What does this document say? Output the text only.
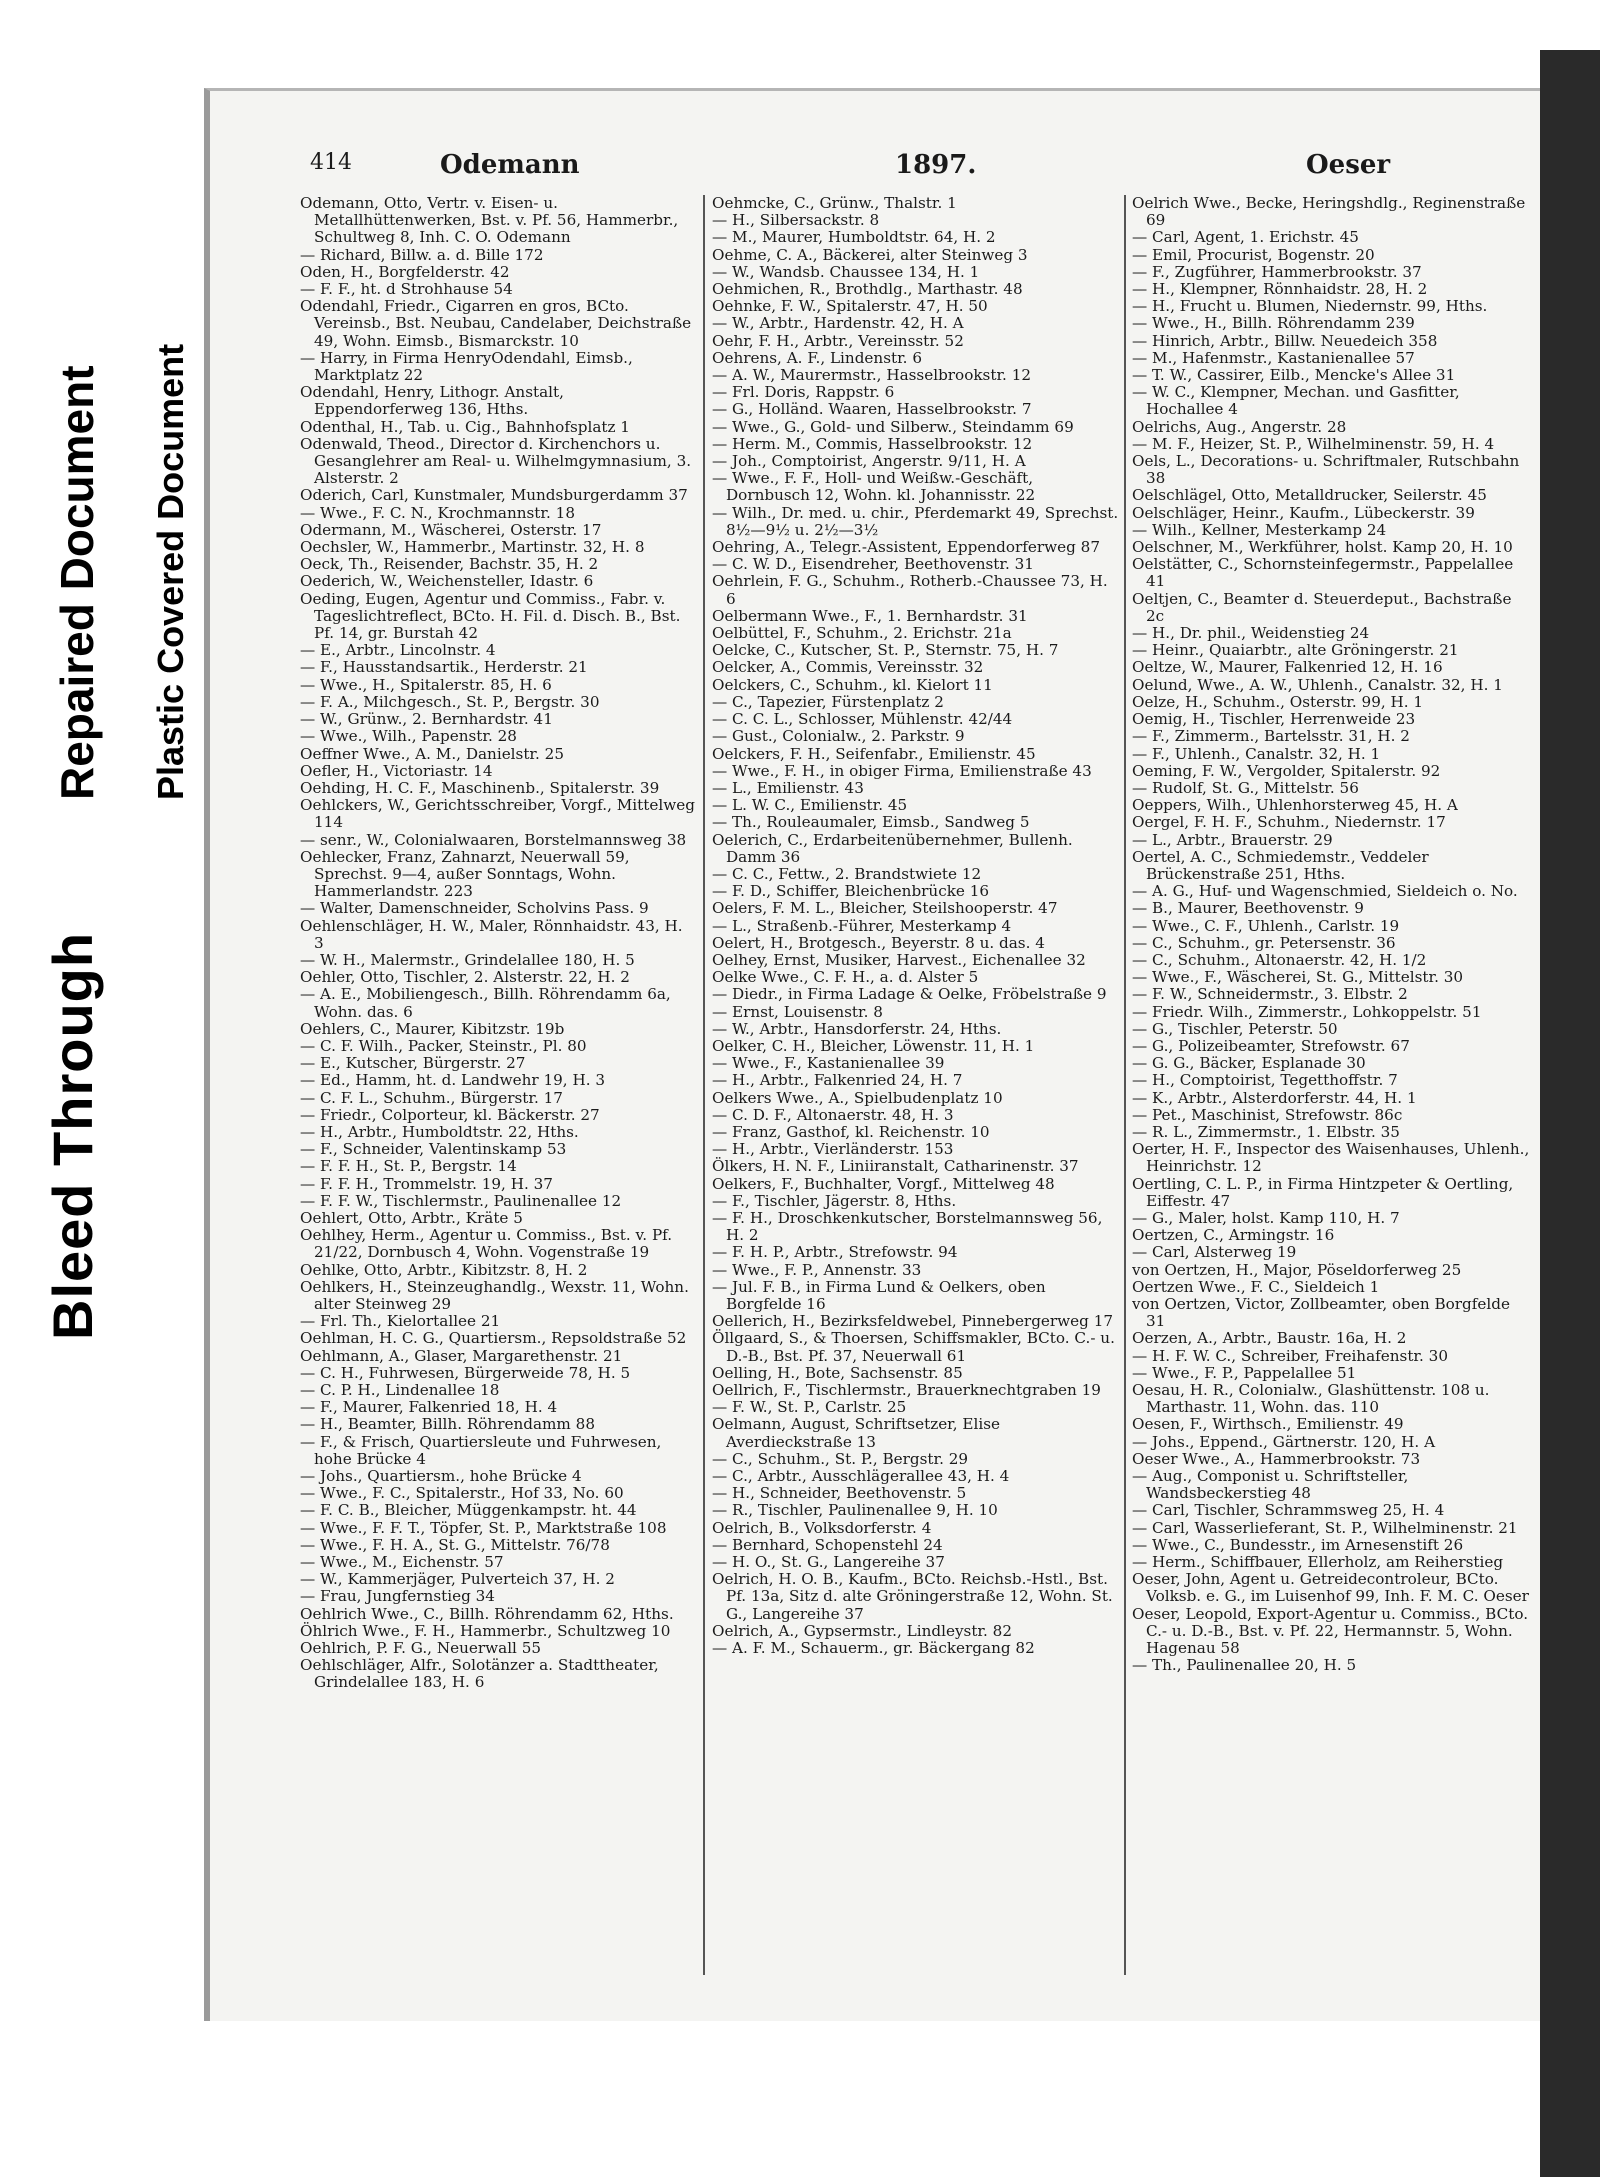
Bleed Through
Repaired Document Plastic Covered Document
414	Odemann	1897.	Oeser

Odemann, Otto, Vertr. v. Eisen- u. Metallhüttenwerken, Bst. v. Pf. 56, Hammerbr., Schultweg 8, Inh. C. O. Odemann

— Richard, Billw. a. d. Bille 172

Oden, H., Borgfelderstr. 42

— F. F., ht. d Strohhause 54

Odendahl, Friedr., Cigarren en gros, BCto. Vereinsb., Bst. Neubau, Candelaber, Deichstraße 49, Wohn. Eimsb., Bismarckstr. 10

— Harry, in Firma HenryOdendahl, Eimsb., Marktplatz 22

Odendahl, Henry, Lithogr. Anstalt, Eppendorferweg 136, Hths.

Odenthal, H., Tab. u. Cig., Bahnhofsplatz 1

Odenwald, Theod., Director d. Kirchenchors u. Gesanglehrer am Real- u. Wilhelmgymnasium, 3. Alsterstr. 2

Oderich, Carl, Kunstmaler, Mundsburgerdamm 37

— Wwe., F. C. N., Krochmannstr. 18

Odermann, M., Wäscherei, Osterstr. 17

Oechsler, W., Hammerbr., Martinstr. 32, H. 8

Oeck, Th., Reisender, Bachstr. 35, H. 2

Oederich, W., Weichensteller, Idastr. 6

Oeding, Eugen, Agentur und Commiss., Fabr. v. Tageslichtreflect, BCto. H. Fil. d. Disch. B., Bst. Pf. 14, gr. Burstah 42

— E., Arbtr., Lincolnstr. 4

— F., Hausstandsartik., Herderstr. 21

— Wwe., H., Spitalerstr. 85, H. 6

— F. A., Milchgesch., St. P., Bergstr. 30

— W., Grünw., 2. Bernhardstr. 41

— Wwe., Wilh., Papenstr. 28

Oeffner Wwe., A. M., Danielstr. 25

Oefler, H., Victoriastr. 14

Oehding, H. C. F., Maschinenb., Spitalerstr. 39

Oehlckers, W., Gerichtsschreiber, Vorgf., Mittelweg 114

— senr., W., Colonialwaaren, Borstelmannsweg 38

Oehlecker, Franz, Zahnarzt, Neuerwall 59, Sprechst. 9—4, außer Sonntags, Wohn. Hammerlandstr. 223

— Walter, Damenschneider, Scholvins Pass. 9

Oehlenschläger, H. W., Maler, Rönnhaidstr. 43, H. 3

— W. H., Malermstr., Grindelallee 180, H. 5

Oehler, Otto, Tischler, 2. Alsterstr. 22, H. 2

— A. E., Mobiliengesch., Billh. Röhrendamm 6a, Wohn. das. 6

Oehlers, C., Maurer, Kibitzstr. 19b

— C. F. Wilh., Packer, Steinstr., Pl. 80

— E., Kutscher, Bürgerstr. 27

— Ed., Hamm, ht. d. Landwehr 19, H. 3

— C. F. L., Schuhm., Bürgerstr. 17

— Friedr., Colporteur, kl. Bäckerstr. 27

— H., Arbtr., Humboldtstr. 22, Hths.

— F., Schneider, Valentinskamp 53

— F. F. H., St. P., Bergstr. 14

— F. F. H., Trommelstr. 19, H. 37

— F. F. W., Tischlermstr., Paulinenallee 12

Oehlert, Otto, Arbtr., Kräte 5

Oehlhey, Herm., Agentur u. Commiss., Bst. v. Pf. 21/22, Dornbusch 4, Wohn. Vogenstraße 19

Oehlke, Otto, Arbtr., Kibitzstr. 8, H. 2

Oehlkers, H., Steinzeughandlg., Wexstr. 11, Wohn. alter Steinweg 29

— Frl. Th., Kielortallee 21

Oehlman, H. C. G., Quartiersm., Repsoldstraße 52

Oehlmann, A., Glaser, Margarethenstr. 21

— C. H., Fuhrwesen, Bürgerweide 78, H. 5

— C. P. H., Lindenallee 18

— F., Maurer, Falkenried 18, H. 4

— H., Beamter, Billh. Röhrendamm 88

— F., & Frisch, Quartiersleute und Fuhrwesen, hohe Brücke 4

— Johs., Quartiersm., hohe Brücke 4

— Wwe., F. C., Spitalerstr., Hof 33, No. 60

— F. C. B., Bleicher, Müggenkampstr. ht. 44

— Wwe., F. F. T., Töpfer, St. P., Marktstraße 108

— Wwe., F. H. A., St. G., Mittelstr. 76/78

— Wwe., M., Eichenstr. 57

— W., Kammerjäger, Pulverteich 37, H. 2

— Frau, Jungfernstieg 34

Oehlrich Wwe., C., Billh. Röhrendamm 62, Hths.

Öhlrich Wwe., F. H., Hammerbr., Schultzweg 10

Oehlrich, P. F. G., Neuerwall 55

Oehlschläger, Alfr., Solotänzer a. Stadttheater, Grindelallee 183, H. 6

Oehmcke, C., Grünw., Thalstr. 1

— H., Silbersackstr. 8

— M., Maurer, Humboldtstr. 64, H. 2

Oehme, C. A., Bäckerei, alter Steinweg 3

— W., Wandsb. Chaussee 134, H. 1

Oehmichen, R., Brothdlg., Marthastr. 48

Oehnke, F. W., Spitalerstr. 47, H. 50

— W., Arbtr., Hardenstr. 42, H. A

Oehr, F. H., Arbtr., Vereinsstr. 52

Oehrens, A. F., Lindenstr. 6

— A. W., Maurermstr., Hasselbrookstr. 12

— Frl. Doris, Rappstr. 6

— G., Holländ. Waaren, Hasselbrookstr. 7

— Wwe., G., Gold- und Silberw., Steindamm 69

— Herm. M., Commis, Hasselbrookstr. 12

— Joh., Comptoirist, Angerstr. 9/11, H. A

— Wwe., F. F., Holl- und Weißw.-Geschäft, Dornbusch 12, Wohn. kl. Johannisstr. 22

— Wilh., Dr. med. u. chir., Pferdemarkt 49, Sprechst. 8½—9½ u. 2½—3½

Oehring, A., Telegr.-Assistent, Eppendorferweg 87

— C. W. D., Eisendreher, Beethovenstr. 31

Oehrlein, F. G., Schuhm., Rotherb.-Chaussee 73, H. 6

Oelbermann Wwe., F., 1. Bernhardstr. 31

Oelbüttel, F., Schuhm., 2. Erichstr. 21a

Oelcke, C., Kutscher, St. P., Sternstr. 75, H. 7

Oelcker, A., Commis, Vereinsstr. 32

Oelckers, C., Schuhm., kl. Kielort 11

— C., Tapezier, Fürstenplatz 2

— C. C. L., Schlosser, Mühlenstr. 42/44

— Gust., Colonialw., 2. Parkstr. 9

Oelckers, F. H., Seifenfabr., Emilienstr. 45

— Wwe., F. H., in obiger Firma, Emilienstraße 43

— L., Emilienstr. 43

— L. W. C., Emilienstr. 45

— Th., Rouleaumaler, Eimsb., Sandweg 5

Oelerich, C., Erdarbeitenübernehmer, Bullenh. Damm 36

— C. C., Fettw., 2. Brandstwiete 12

— F. D., Schiffer, Bleichenbrücke 16

Oelers, F. M. L., Bleicher, Steilshooperstr. 47

— L., Straßenb.-Führer, Mesterkamp 4

Oelert, H., Brotgesch., Beyerstr. 8 u. das. 4

Oelhey, Ernst, Musiker, Harvest., Eichenallee 32

Oelke Wwe., C. F. H., a. d. Alster 5

— Diedr., in Firma Ladage & Oelke, Fröbelstraße 9

— Ernst, Louisenstr. 8

— W., Arbtr., Hansdorferstr. 24, Hths.

Oelker, C. H., Bleicher, Löwenstr. 11, H. 1

— Wwe., F., Kastanienallee 39

— H., Arbtr., Falkenried 24, H. 7

Oelkers Wwe., A., Spielbudenplatz 10

— C. D. F., Altonaerstr. 48, H. 3

— Franz, Gasthof, kl. Reichenstr. 10

— H., Arbtr., Vierländerstr. 153

Ölkers, H. N. F., Liniiranstalt, Catharinenstr. 37

Oelkers, F., Buchhalter, Vorgf., Mittelweg 48

— F., Tischler, Jägerstr. 8, Hths.

— F. H., Droschkenkutscher, Borstelmannsweg 56, H. 2

— F. H. P., Arbtr., Strefowstr. 94

— Wwe., F. P., Annenstr. 33

— Jul. F. B., in Firma Lund & Oelkers, oben Borgfelde 16

Oellerich, H., Bezirksfeldwebel, Pinnebergerweg 17

Öllgaard, S., & Thoersen, Schiffsmakler, BCto. C.- u. D.-B., Bst. Pf. 37, Neuerwall 61

Oelling, H., Bote, Sachsenstr. 85

Oellrich, F., Tischlermstr., Brauerknechtgraben 19

— F. W., St. P., Carlstr. 25

Oelmann, August, Schriftsetzer, Elise Averdieckstraße 13

— C., Schuhm., St. P., Bergstr. 29

— C., Arbtr., Ausschlägerallee 43, H. 4

— H., Schneider, Beethovenstr. 5

— R., Tischler, Paulinenallee 9, H. 10

Oelrich, B., Volksdorferstr. 4

— Bernhard, Schopenstehl 24

— H. O., St. G., Langereihe 37

Oelrich, H. O. B., Kaufm., BCto. Reichsb.-Hstl., Bst. Pf. 13a, Sitz d. alte Gröningerstraße 12, Wohn. St. G., Langereihe 37

Oelrich, A., Gypsermstr., Lindleystr. 82

— A. F. M., Schauerm., gr. Bäckergang 82

Oelrich Wwe., Becke, Heringshdlg., Reginenstraße 69

— Carl, Agent, 1. Erichstr. 45

— Emil, Procurist, Bogenstr. 20

— F., Zugführer, Hammerbrookstr. 37

— H., Klempner, Rönnhaidstr. 28, H. 2

— H., Frucht u. Blumen, Niedernstr. 99, Hths.

— Wwe., H., Billh. Röhrendamm 239

— Hinrich, Arbtr., Billw. Neuedeich 358

— M., Hafenmstr., Kastanienallee 57

— T. W., Cassirer, Eilb., Mencke's Allee 31

— W. C., Klempner, Mechan. und Gasfitter, Hochallee 4

Oelrichs, Aug., Angerstr. 28

— M. F., Heizer, St. P., Wilhelminenstr. 59, H. 4

Oels, L., Decorations- u. Schriftmaler, Rutschbahn 38

Oelschlägel, Otto, Metalldrucker, Seilerstr. 45

Oelschläger, Heinr., Kaufm., Lübeckerstr. 39

— Wilh., Kellner, Mesterkamp 24

Oelschner, M., Werkführer, holst. Kamp 20, H. 10

Oelstätter, C., Schornsteinfegermstr., Pappelallee 41

Oeltjen, C., Beamter d. Steuerdeput., Bachstraße 2c

— H., Dr. phil., Weidenstieg 24

— Heinr., Quaiarbtr., alte Gröningerstr. 21

Oeltze, W., Maurer, Falkenried 12, H. 16

Oelund, Wwe., A. W., Uhlenh., Canalstr. 32, H. 1

Oelze, H., Schuhm., Osterstr. 99, H. 1

Oemig, H., Tischler, Herrenweide 23

— F., Zimmerm., Bartelsstr. 31, H. 2

— F., Uhlenh., Canalstr. 32, H. 1

Oeming, F. W., Vergolder, Spitalerstr. 92

— Rudolf, St. G., Mittelstr. 56

Oeppers, Wilh., Uhlenhorsterweg 45, H. A

Oergel, F. H. F., Schuhm., Niedernstr. 17

— L., Arbtr., Brauerstr. 29

Oertel, A. C., Schmiedemstr., Veddeler Brückenstraße 251, Hths.

— A. G., Huf- und Wagenschmied, Sieldeich o. No.

— B., Maurer, Beethovenstr. 9

— Wwe., C. F., Uhlenh., Carlstr. 19

— C., Schuhm., gr. Petersenstr. 36

— C., Schuhm., Altonaerstr. 42, H. 1/2

— Wwe., F., Wäscherei, St. G., Mittelstr. 30

— F. W., Schneidermstr., 3. Elbstr. 2

— Friedr. Wilh., Zimmerstr., Lohkoppelstr. 51

— G., Tischler, Peterstr. 50

— G., Polizeibeamter, Strefowstr. 67

— G. G., Bäcker, Esplanade 30

— H., Comptoirist, Tegetthoffstr. 7

— K., Arbtr., Alsterdorferstr. 44, H. 1

— Pet., Maschinist, Strefowstr. 86c

— R. L., Zimmermstr., 1. Elbstr. 35

Oerter, H. F., Inspector des Waisenhauses, Uhlenh., Heinrichstr. 12

Oertling, C. L. P., in Firma Hintzpeter & Oertling, Eiffestr. 47

— G., Maler, holst. Kamp 110, H. 7

Oertzen, C., Armingstr. 16

— Carl, Alsterweg 19

von Oertzen, H., Major, Pöseldorferweg 25

Oertzen Wwe., F. C., Sieldeich 1

von Oertzen, Victor, Zollbeamter, oben Borgfelde 31

Oerzen, A., Arbtr., Baustr. 16a, H. 2

— H. F. W. C., Schreiber, Freihafenstr. 30

— Wwe., F. P., Pappelallee 51

Oesau, H. R., Colonialw., Glashüttenstr. 108 u. Marthastr. 11, Wohn. das. 110

Oesen, F., Wirthsch., Emilienstr. 49

— Johs., Eppend., Gärtnerstr. 120, H. A

Oeser Wwe., A., Hammerbrookstr. 73

— Aug., Componist u. Schriftsteller, Wandsbeckerstieg 48

— Carl, Tischler, Schrammsweg 25, H. 4

— Carl, Wasserlieferant, St. P., Wilhelminenstr. 21

— Wwe., C., Bundesstr., im Arnesenstift 26

— Herm., Schiffbauer, Ellerholz, am Reiherstieg

Oeser, John, Agent u. Getreidecontroleur, BCto. Volksb. e. G., im Luisenhof 99, Inh. F. M. C. Oeser

Oeser, Leopold, Export-Agentur u. Commiss., BCto. C.- u. D.-B., Bst. v. Pf. 22, Hermannstr. 5, Wohn. Hagenau 58

— Th., Paulinenallee 20, H. 5
